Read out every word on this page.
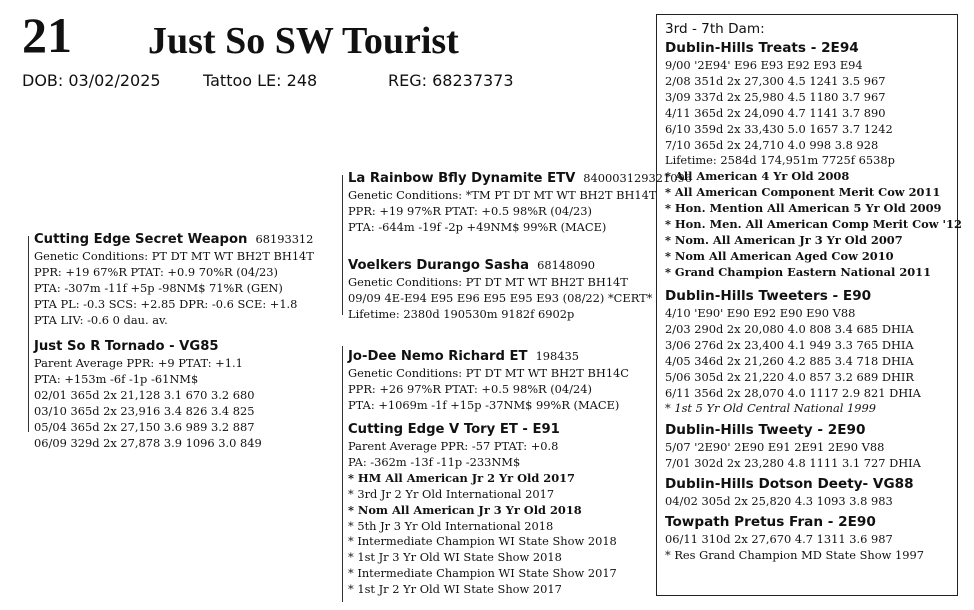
21 Just So SW Tourist
DOB: 03/02/2025	Tattoo LE: 248	REG: 68237373
Cutting Edge Secret Weapon 68193312
Genetic Conditions: PT DT MT WT BH2T BH14T
PPR: +19 67%R PTAT: +0.9 70%R (04/23)
PTA: -307m -11f +5p -98NM$ 71%R (GEN)
PTA PL: -0.3 SCS: +2.85 DPR: -0.6 SCE: +1.8
PTA LIV: -0.6 0 dau. av.
Just So R Tornado - VG85
Parent Average PPR: +9 PTAT: +1.1
PTA: +153m -6f -1p -61NM$
02/01 365d 2x 21,128 3.1 670 3.2 680
03/10 365d 2x 23,916 3.4 826 3.4 825
05/04 365d 2x 27,150 3.6 989 3.2 887
06/09 329d 2x 27,878 3.9 1096 3.0 849
La Rainbow Bfly Dynamite ETV 840003129321096
Genetic Conditions: *TM PT DT MT WT BH2T BH14T
PPR: +19 97%R PTAT: +0.5 98%R (04/23)
PTA: -644m -19f -2p +49NM$ 99%R (MACE)
Voelkers Durango Sasha 68148090
Genetic Conditions: PT DT MT WT BH2T BH14T
09/09 4E-E94 E95 E96 E95 E95 E93 (08/22) *CERT*
Lifetime: 2380d 190530m 9182f 6902p
Jo-Dee Nemo Richard ET 198435
Genetic Conditions: PT DT MT WT BH2T BH14C
PPR: +26 97%R PTAT: +0.5 98%R (04/24)
PTA: +1069m -1f +15p -37NM$ 99%R (MACE)
Cutting Edge V Tory ET - E91
Parent Average PPR: -57 PTAT: +0.8
PA: -362m -13f -11p -233NM$
* HM All American Jr 2 Yr Old 2017
* 3rd Jr 2 Yr Old International 2017
* Nom All American Jr 3 Yr Old 2018
* 5th Jr 3 Yr Old International 2018
* Intermediate Champion WI State Show 2018
* 1st Jr 3 Yr Old WI State Show 2018
* Intermediate Champion WI State Show 2017
* 1st Jr 2 Yr Old WI State Show 2017
3rd - 7th Dam:
Dublin-Hills Treats - 2E94
9/00 '2E94' E96 E93 E92 E93 E94
2/08 351d 2x 27,300 4.5 1241 3.5 967
3/09 337d 2x 25,980 4.5 1180 3.7 967
4/11 365d 2x 24,090 4.7 1141 3.7 890
6/10 359d 2x 33,430 5.0 1657 3.7 1242
7/10 365d 2x 24,710 4.0 998 3.8 928
Lifetime: 2584d 174,951m 7725f 6538p
* All American 4 Yr Old 2008
* All American Component Merit Cow 2011
* Hon. Mention All American 5 Yr Old 2009
* Hon. Men. All American Comp Merit Cow '12
* Nom. All American Jr 3 Yr Old 2007
* Nom All American Aged Cow 2010
* Grand Champion Eastern National 2011
Dublin-Hills Tweeters - E90
4/10 'E90' E90 E92 E90 E90 V88
2/03 290d 2x 20,080 4.0 808 3.4 685 DHIA
3/06 276d 2x 23,400 4.1 949 3.3 765 DHIA
4/05 346d 2x 21,260 4.2 885 3.4 718 DHIA
5/06 305d 2x 21,220 4.0 857 3.2 689 DHIR
6/11 356d 2x 28,070 4.0 1117 2.9 821 DHIA
* 1st 5 Yr Old Central National 1999
Dublin-Hills Tweety - 2E90
5/07 '2E90' 2E90 E91 2E91 2E90 V88
7/01 302d 2x 23,280 4.8 1111 3.1 727 DHIA
Dublin-Hills Dotson Deety- VG88
04/02 305d 2x 25,820 4.3 1093 3.8 983
Towpath Pretus Fran - 2E90
06/11 310d 2x 27,670 4.7 1311 3.6 987
* Res Grand Champion MD State Show 1997
